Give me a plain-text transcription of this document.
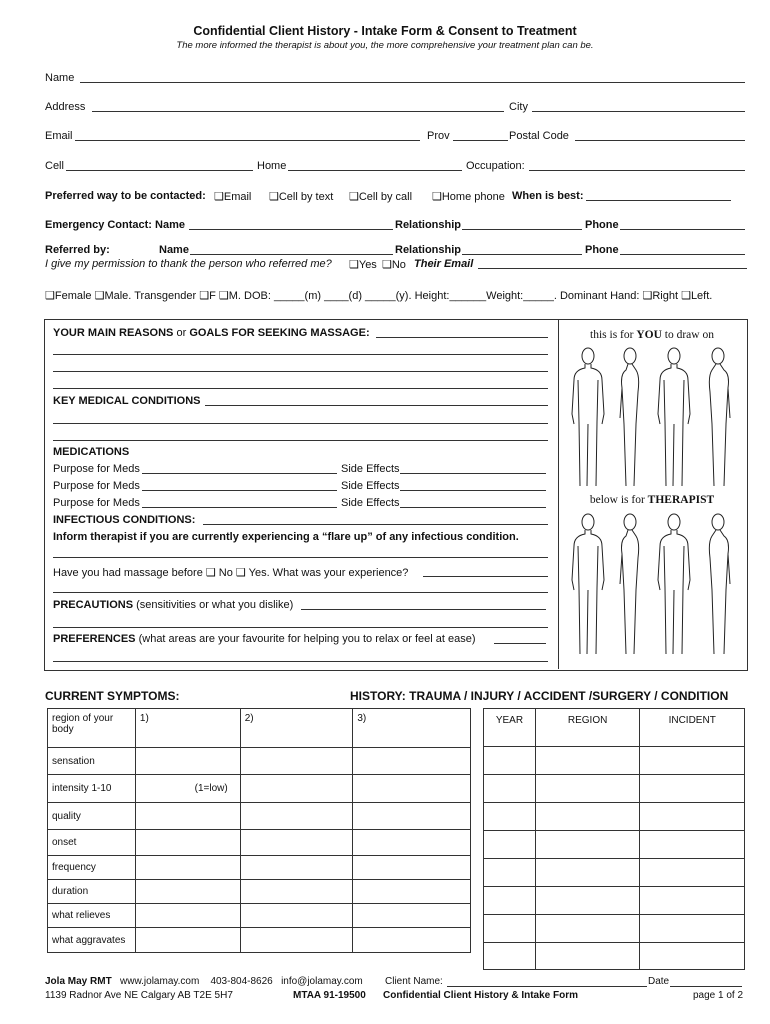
Confidential Client History - Intake Form & Consent to Treatment
The more informed the therapist is about you, the more comprehensive your treatment plan can be.
Name
Address	City
Email	Prov	Postal Code
Cell	Home	Occupation:
Preferred way to be contacted: ❑Email ❑Cell by text ❑Cell by call ❑Home phone When is best:
Emergency Contact: Name	Relationship	Phone
Referred by:	Name	Relationship	Phone
I give my permission to thank the person who referred me? ❑Yes ❑No Their Email
❑Female ❑Male. Transgender ❑F ❑M. DOB: _____(m) ____(d) _____(y). Height:______Weight:_____. Dominant Hand: ❑Right ❑Left.
YOUR MAIN REASONS or GOALS FOR SEEKING MASSAGE:
KEY MEDICAL CONDITIONS
MEDICATIONS
Purpose for Meds	Side Effects
Purpose for Meds	Side Effects
Purpose for Meds	Side Effects
INFECTIOUS CONDITIONS:
Inform therapist if you are currently experiencing a “flare up” of any infectious condition.
Have you had massage before ❑ No ❑ Yes. What was your experience?
PRECAUTIONS (sensitivities or what you dislike)
PREFERENCES (what areas are your favourite for helping you to relax or feel at ease)
this is for YOU to draw on
below is for THERAPIST
CURRENT SYMPTOMS:	HISTORY: TRAUMA / INJURY / ACCIDENT /SURGERY / CONDITION
region of your body	1)	2)	3)
sensation			
intensity 1-10	(1=low)		
quality			
onset			
frequency			
duration			
what relieves			
what aggravates			
YEAR	REGION	INCIDENT

Jola May RMT www.jolamay.com 403-804-8626 info@jolamay.com
1139 Radnor Ave NE Calgary AB T2E 5H7	MTAA 91-19500
Client Name:	Date
Confidential Client History & Intake Form	page 1 of 2
